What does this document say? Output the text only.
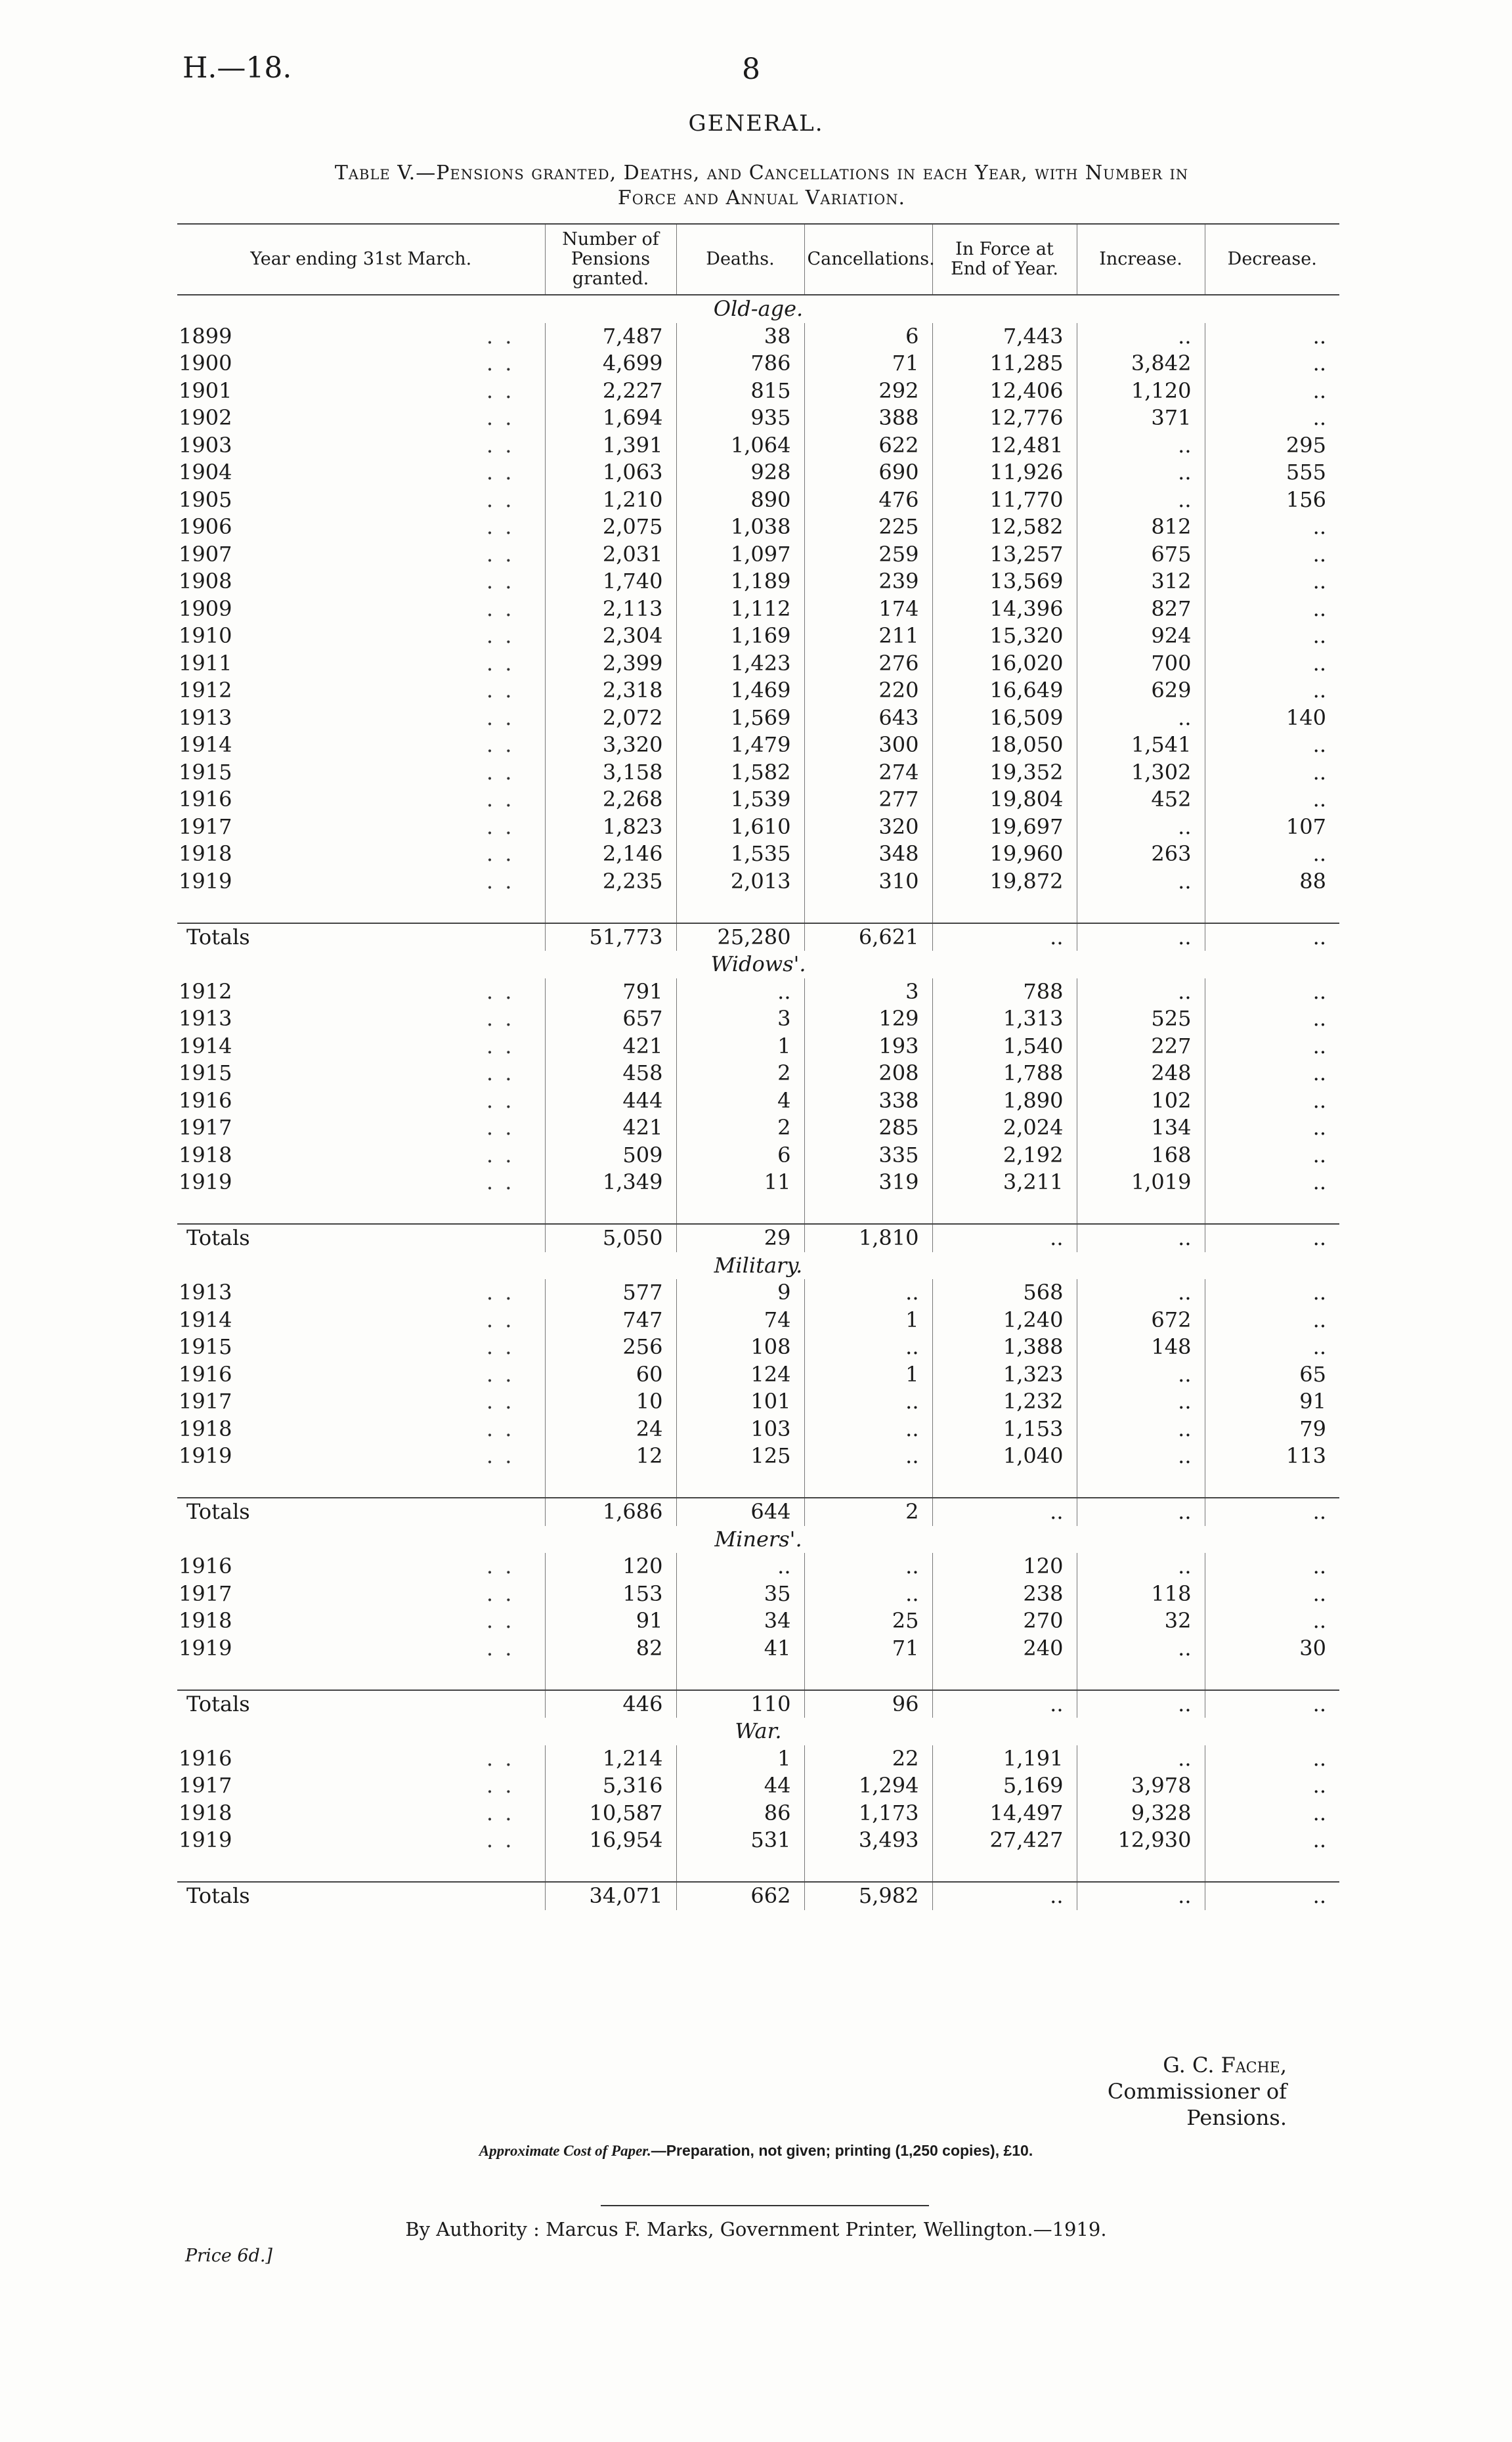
H.—18.	8
GENERAL.
Table V.—Pensions granted, Deaths, and Cancellations in each Year, with Number in
Force and Annual Variation.
Year ending 31st March.	Number of Pensions granted.	Deaths.	Cancellations.	In Force at End of Year.	Increase.	Decrease.
Old-age.						
1899 . .	7,487	38	6	7,443	..	..
1900 . .	4,699	786	71	11,285	3,842	..
1901 . .	2,227	815	292	12,406	1,120	..
1902 . .	1,694	935	388	12,776	371	..
1903 . .	1,391	1,064	622	12,481	..	295
1904 . .	1,063	928	690	11,926	..	555
1905 . .	1,210	890	476	11,770	..	156
1906 . .	2,075	1,038	225	12,582	812	..
1907 . .	2,031	1,097	259	13,257	675	..
1908 . .	1,740	1,189	239	13,569	312	..
1909 . .	2,113	1,112	174	14,396	827	..
1910 . .	2,304	1,169	211	15,320	924	..
1911 . .	2,399	1,423	276	16,020	700	..
1912 . .	2,318	1,469	220	16,649	629	..
1913 . .	2,072	1,569	643	16,509	..	140
1914 . .	3,320	1,479	300	18,050	1,541	..
1915 . .	3,158	1,582	274	19,352	1,302	..
1916 . .	2,268	1,539	277	19,804	452	..
1917 . .	1,823	1,610	320	19,697	..	107
1918 . .	2,146	1,535	348	19,960	263	..
1919 . .	2,235	2,013	310	19,872	..	88

Totals	51,773	25,280	6,621	..	..	..
Widows'.						
1912 . .	791	..	3	788	..	..
1913 . .	657	3	129	1,313	525	..
1914 . .	421	1	193	1,540	227	..
1915 . .	458	2	208	1,788	248	..
1916 . .	444	4	338	1,890	102	..
1917 . .	421	2	285	2,024	134	..
1918 . .	509	6	335	2,192	168	..
1919 . .	1,349	11	319	3,211	1,019	..

Totals	5,050	29	1,810	..	..	..
Military.						
1913 . .	577	9	..	568	..	..
1914 . .	747	74	1	1,240	672	..
1915 . .	256	108	..	1,388	148	..
1916 . .	60	124	1	1,323	..	65
1917 . .	10	101	..	1,232	..	91
1918 . .	24	103	..	1,153	..	79
1919 . .	12	125	..	1,040	..	113

Totals	1,686	644	2	..	..	..
Miners'.						
1916 . .	120	..	..	120	..	..
1917 . .	153	35	..	238	118	..
1918 . .	91	34	25	270	32	..
1919 . .	82	41	71	240	..	30

Totals	446	110	96	..	..	..
War.						
1916 . .	1,214	1	22	1,191	..	..
1917 . .	5,316	44	1,294	5,169	3,978	..
1918 . .	10,587	86	1,173	14,497	9,328	..
1919 . .	16,954	531	3,493	27,427	12,930	..

Totals	34,071	662	5,982	..	..	..
G. C. Fache,
Commissioner of Pensions.
Approximate Cost of Paper.—Preparation, not given; printing (1,250 copies), £10.
By Authority : Marcus F. Marks, Government Printer, Wellington.—1919.
Price 6d.]
